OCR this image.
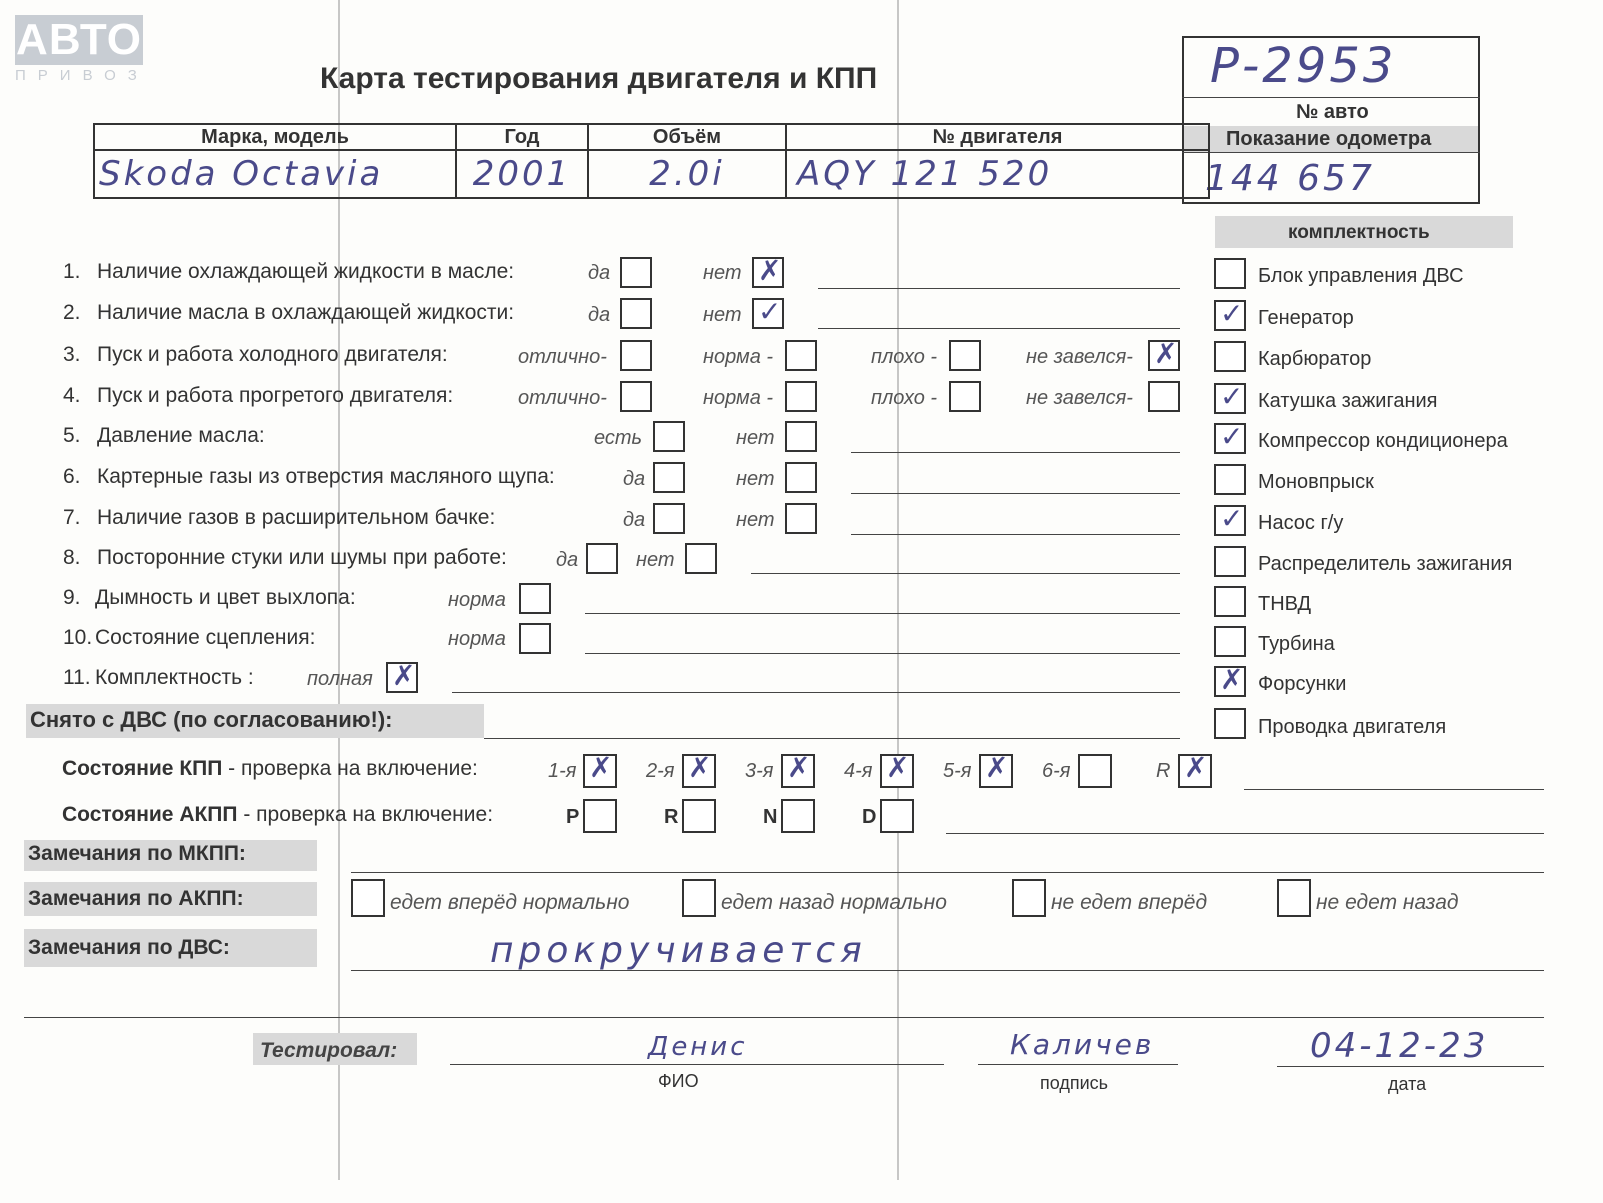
АВТО
ПРИВОЗ	Карта тестирования двигателя и КПП	Р-2953
№ авто
Показание одометра
144 657
Марка, модель	Год	Объём	№ двигателя
Skoda Octavia	2001	2.0i	AQY 121 520
комплектность
1. Наличие охлаждающей жидкости в масле:	да	нет ✗
2. Наличие масла в охлаждающей жидкости:	да	нет ✓
3. Пуск и работа холодного двигателя:	отлично-	норма -	плохо -	не завелся- ✗
4. Пуск и работа прогретого двигателя:	отлично-	норма -	плохо -	не завелся-
5. Давление масла:	есть	нет
6. Картерные газы из отверстия масляного щупа:	да	нет
7. Наличие газов в расширительном бачке:	да	нет
8. Посторонние стуки или шумы при работе: да	нет
9. Дымность и цвет выхлопа:	норма
10. Состояние сцепления:	норма
11. Комплектность :	полная ✗
Блок управления ДВС
✓ Генератор
Карбюратор
✓ Катушка зажигания
✓ Компрессор кондиционера
Моновпрыск
✓ Насос г/у
Распределитель зажигания
ТНВД
Турбина
✗ Форсунки
Проводка двигателя
Снято с ДВС (по согласованию!):
Состояние КПП - проверка на включение:	1-я ✗ 2-я ✗ 3-я ✗ 4-я ✗ 5-я ✗ 6-я	R ✗
Состояние АКПП - проверка на включение:	P	R	N	D
Замечания по МКПП:
Замечания по АКПП:	едет вперёд нормально	едет назад нормально	не едет вперёд	не едет назад
Замечания по ДВС:	прокручивается
Тестировал:	Денис
ФИО
Каличев
подпись
04-12-23
дата
